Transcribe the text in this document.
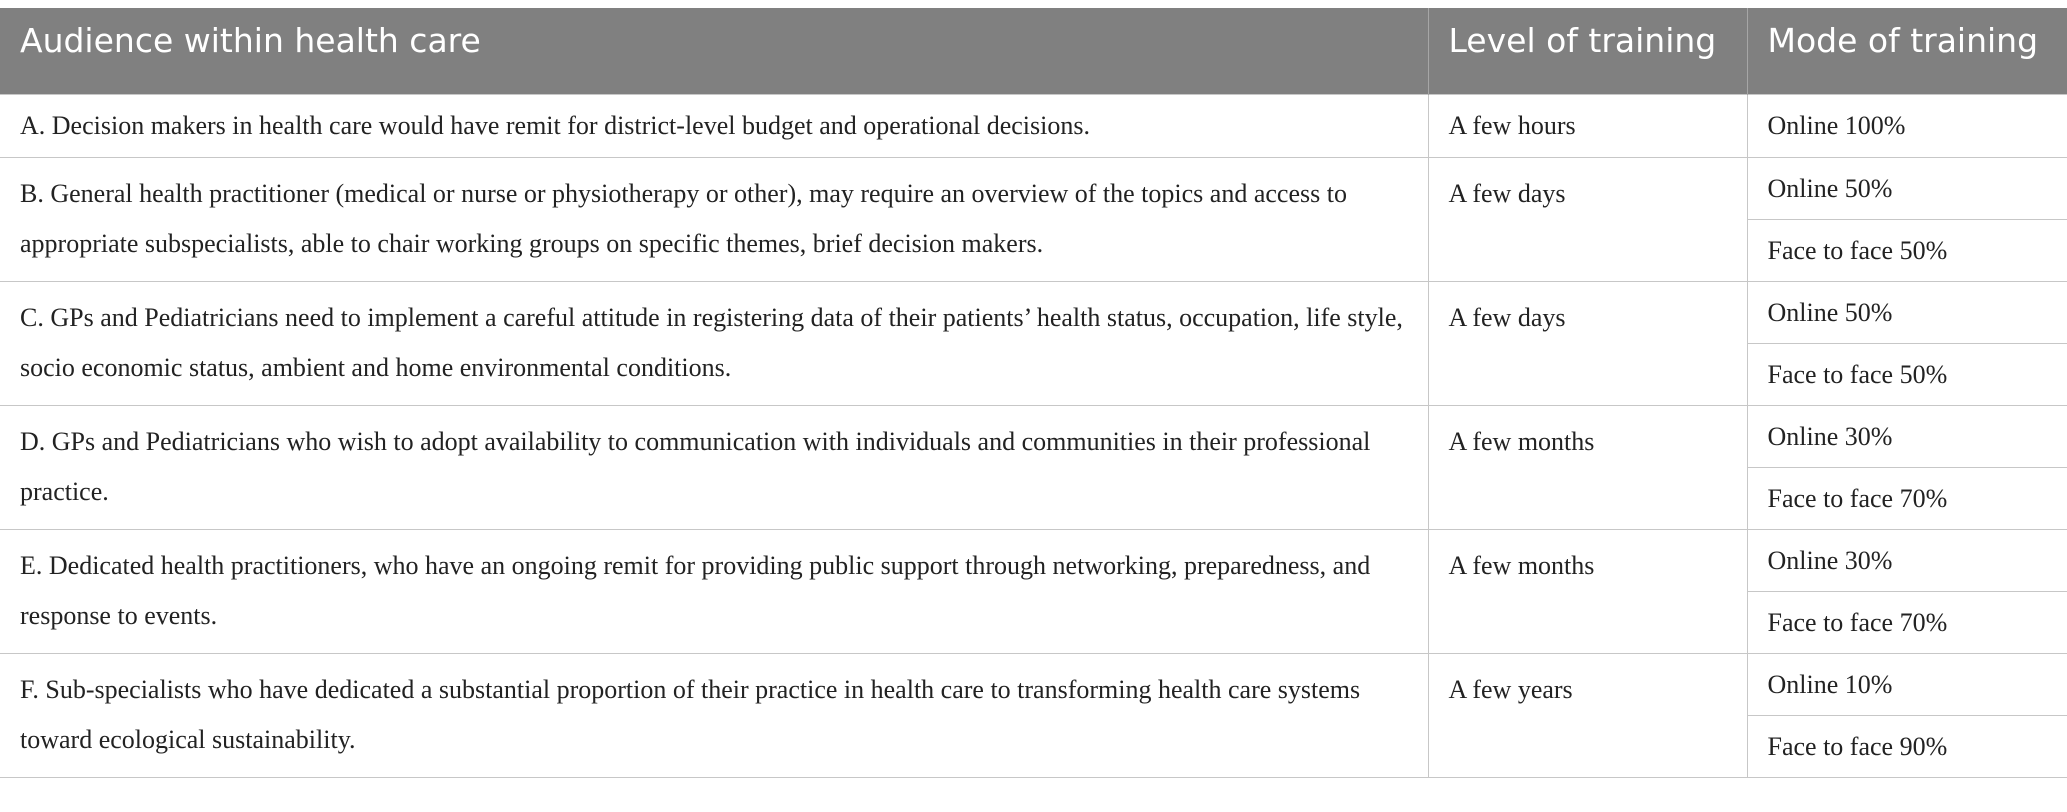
Audience within health care	Level of training	Mode of training
A. Decision makers in health care would have remit for district-level budget and operational decisions.	A few hours	Online 100%
B. General health practitioner (medical or nurse or physiotherapy or other), may require an overview of the topics and access to appropriate subspecialists, able to chair working groups on specific themes, brief decision makers.	A few days	Online 50%
		Face to face 50%
C. GPs and Pediatricians need to implement a careful attitude in registering data of their patients’ health status, occupation, life style, socio economic status, ambient and home environmental conditions.	A few days	Online 50%
		Face to face 50%
D. GPs and Pediatricians who wish to adopt availability to communication with individuals and communities in their professional practice.	A few months	Online 30%
		Face to face 70%
E. Dedicated health practitioners, who have an ongoing remit for providing public support through networking, preparedness, and response to events.	A few months	Online 30%
		Face to face 70%
F. Sub-specialists who have dedicated a substantial proportion of their practice in health care to transforming health care systems toward ecological sustainability.	A few years	Online 10%
		Face to face 90%
